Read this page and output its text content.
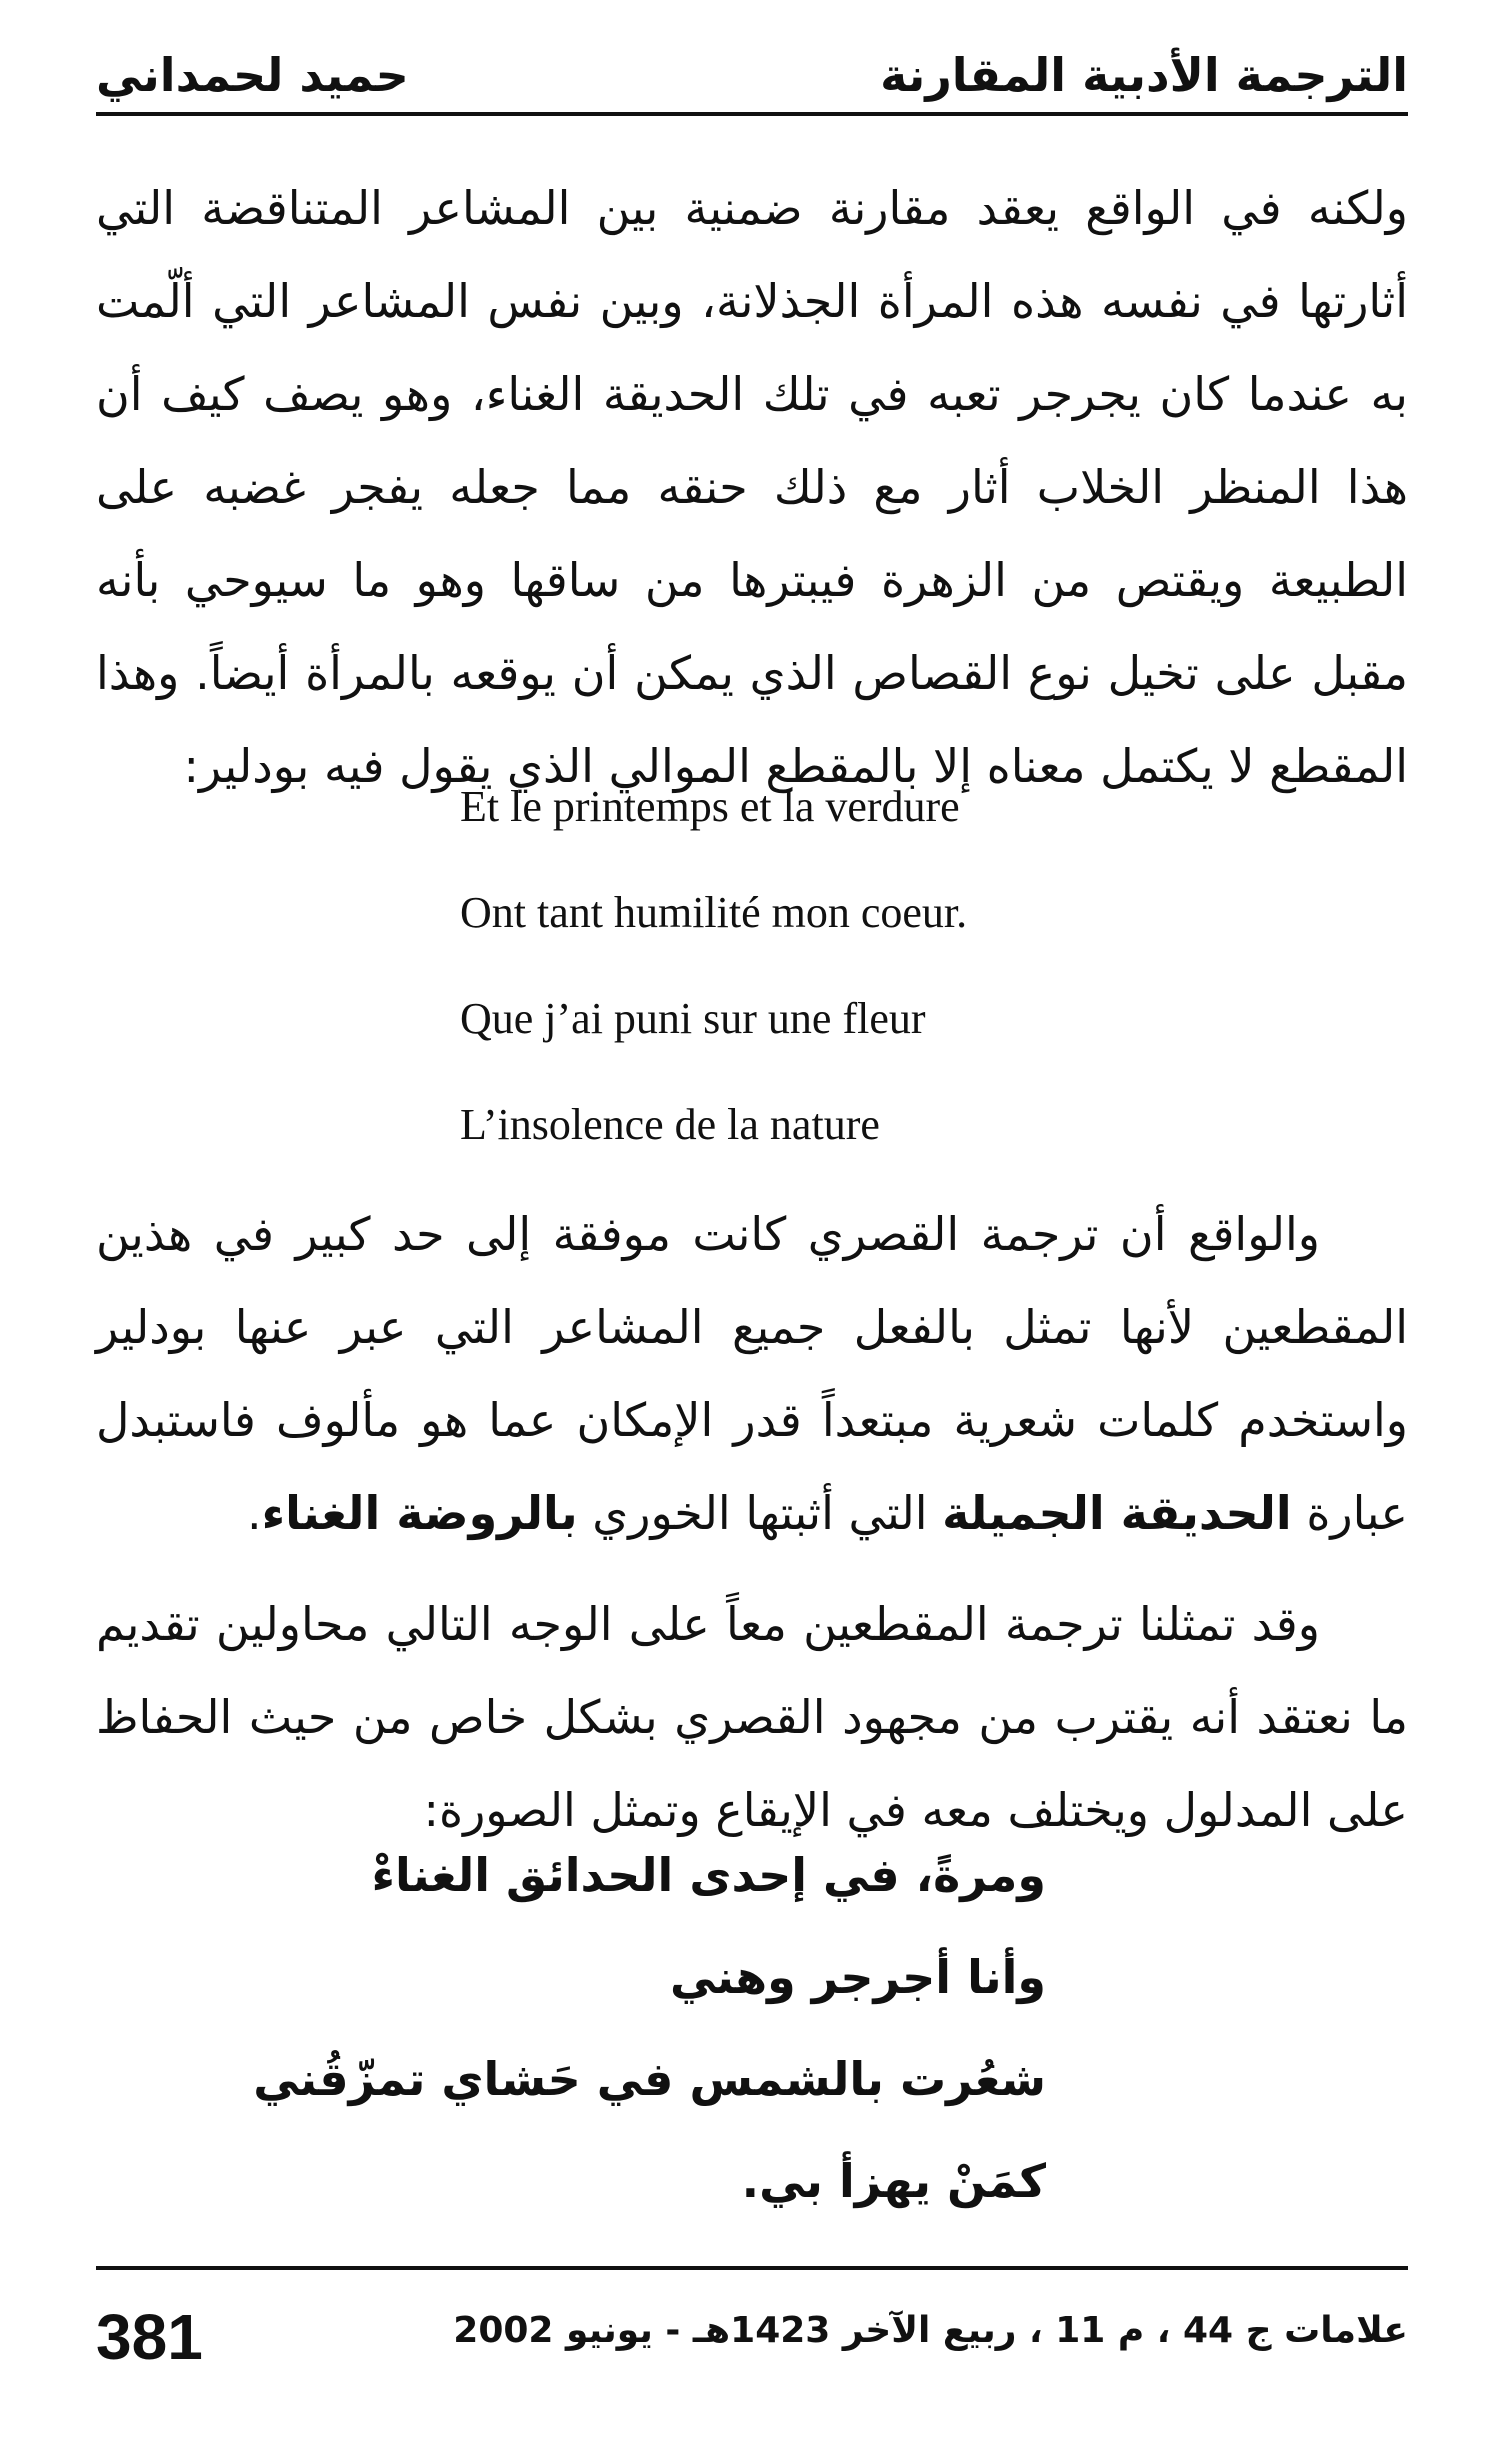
الترجمة الأدبية المقارنة
حميد لحمداني

ولكنه في الواقع يعقد مقارنة ضمنية بين المشاعر المتناقضة التي أثارتها في نفسه هذه المرأة الجذلانة، وبين نفس المشاعر التي ألّمت به عندما كان يجرجر تعبه في تلك الحديقة الغناء، وهو يصف كيف أن هذا المنظر الخلاب أثار مع ذلك حنقه مما جعله يفجر غضبه على الطبيعة ويقتص من الزهرة فيبترها من ساقها وهو ما سيوحي بأنه مقبل على تخيل نوع القصاص الذي يمكن أن يوقعه بالمرأة أيضاً. وهذا المقطع لا يكتمل معناه إلا بالمقطع الموالي الذي يقول فيه بودلير:

Et le printemps et la verdure
Ont tant humilité mon coeur.
Que j’ai puni sur une fleur
L’insolence de la nature

والواقع أن ترجمة القصري كانت موفقة إلى حد كبير في هذين المقطعين لأنها تمثل بالفعل جميع المشاعر التي عبر عنها بودلير واستخدم كلمات شعرية مبتعداً قدر الإمكان عما هو مألوف فاستبدل عبارة الحديقة الجميلة التي أثبتها الخوري بالروضة الغناء.

وقد تمثلنا ترجمة المقطعين معاً على الوجه التالي محاولين تقديم ما نعتقد أنه يقترب من مجهود القصري بشكل خاص من حيث الحفاظ على المدلول ويختلف معه في الإيقاع وتمثل الصورة:

ومرةً، في إحدى الحدائق الغناءْ
وأنا أجرجر وهني
شعُرت بالشمس في حَشاي تمزّقُني
كمَنْ يهزأ بي.
381	علامات ج 44 ، م 11 ، ربيع الآخر 1423هـ - يونيو 2002
